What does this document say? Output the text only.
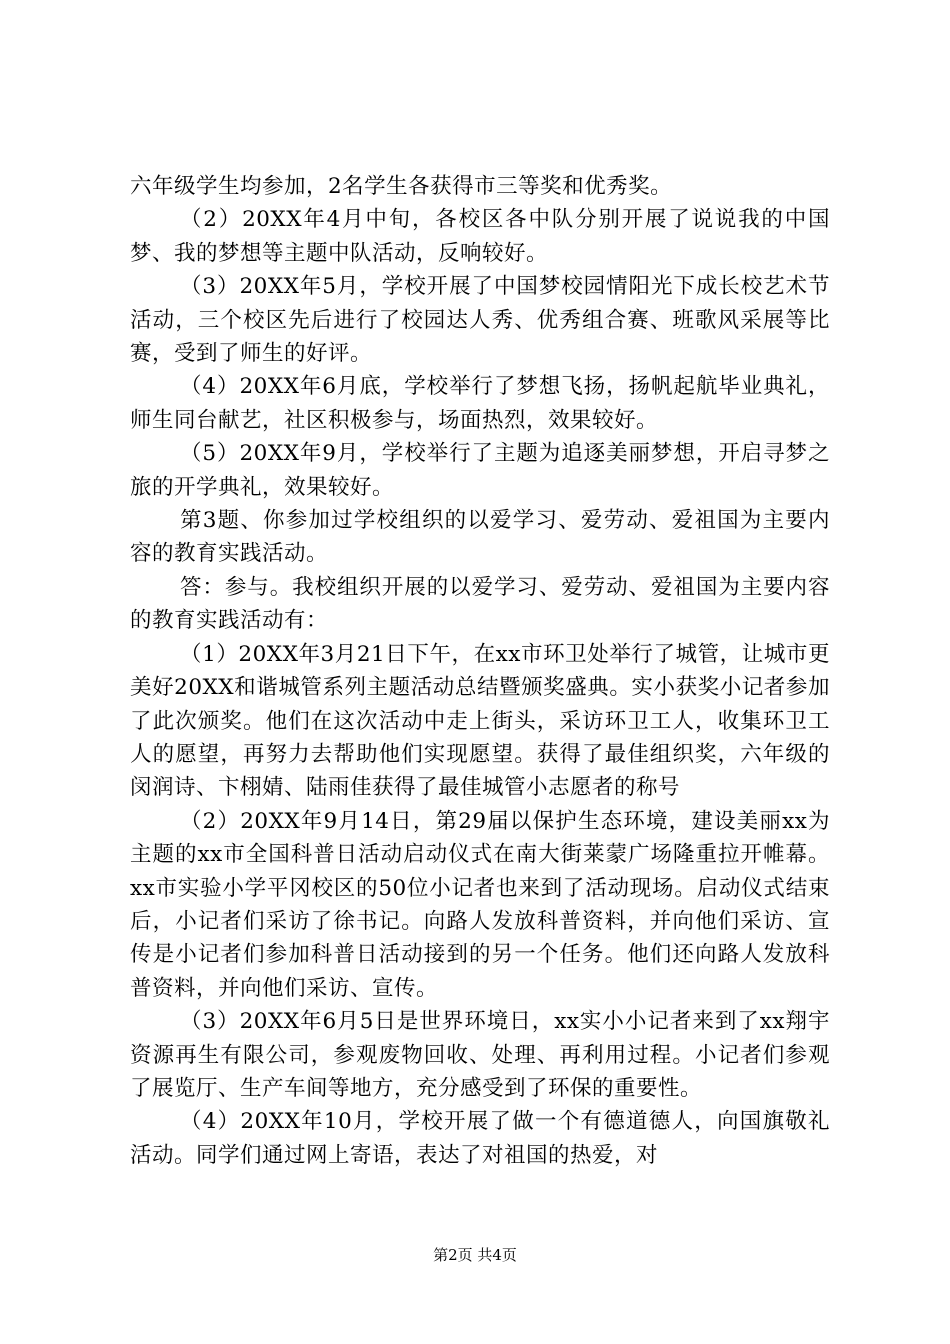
六年级学生均参加，2名学生各获得市三等奖和优秀奖。

（2）20XX年4月中旬，各校区各中队分别开展了说说我的中国梦、我的梦想等主题中队活动，反响较好。

（3）20XX年5月，学校开展了中国梦校园情阳光下成长校艺术节活动，三个校区先后进行了校园达人秀、优秀组合赛、班歌风采展等比赛，受到了师生的好评。

（4）20XX年6月底，学校举行了梦想飞扬，扬帆起航毕业典礼，师生同台献艺，社区积极参与，场面热烈，效果较好。

（5）20XX年9月，学校举行了主题为追逐美丽梦想，开启寻梦之旅的开学典礼，效果较好。

第3题、你参加过学校组织的以爱学习、爱劳动、爱祖国为主要内容的教育实践活动。

答：参与。我校组织开展的以爱学习、爱劳动、爱祖国为主要内容的教育实践活动有：

（1）20XX年3月21日下午，在xx市环卫处举行了城管，让城市更美好20XX和谐城管系列主题活动总结暨颁奖盛典。实小获奖小记者参加了此次颁奖。他们在这次活动中走上街头，采访环卫工人，收集环卫工人的愿望，再努力去帮助他们实现愿望。获得了最佳组织奖，六年级的闵润诗、卞栩婧、陆雨佳获得了最佳城管小志愿者的称号

（2）20XX年9月14日，第29届以保护生态环境，建设美丽xx为主题的xx市全国科普日活动启动仪式在南大街莱蒙广场隆重拉开帷幕。xx市实验小学平冈校区的50位小记者也来到了活动现场。启动仪式结束后，小记者们采访了徐书记。向路人发放科普资料，并向他们采访、宣传是小记者们参加科普日活动接到的另一个任务。他们还向路人发放科普资料，并向他们采访、宣传。

（3）20XX年6月5日是世界环境日，xx实小小记者来到了xx翔宇资源再生有限公司，参观废物回收、处理、再利用过程。小记者们参观了展览厅、生产车间等地方，充分感受到了环保的重要性。

（4）20XX年10月，学校开展了做一个有德道德人，向国旗敬礼活动。同学们通过网上寄语，表达了对祖国的热爱，对

第2页 共4页
